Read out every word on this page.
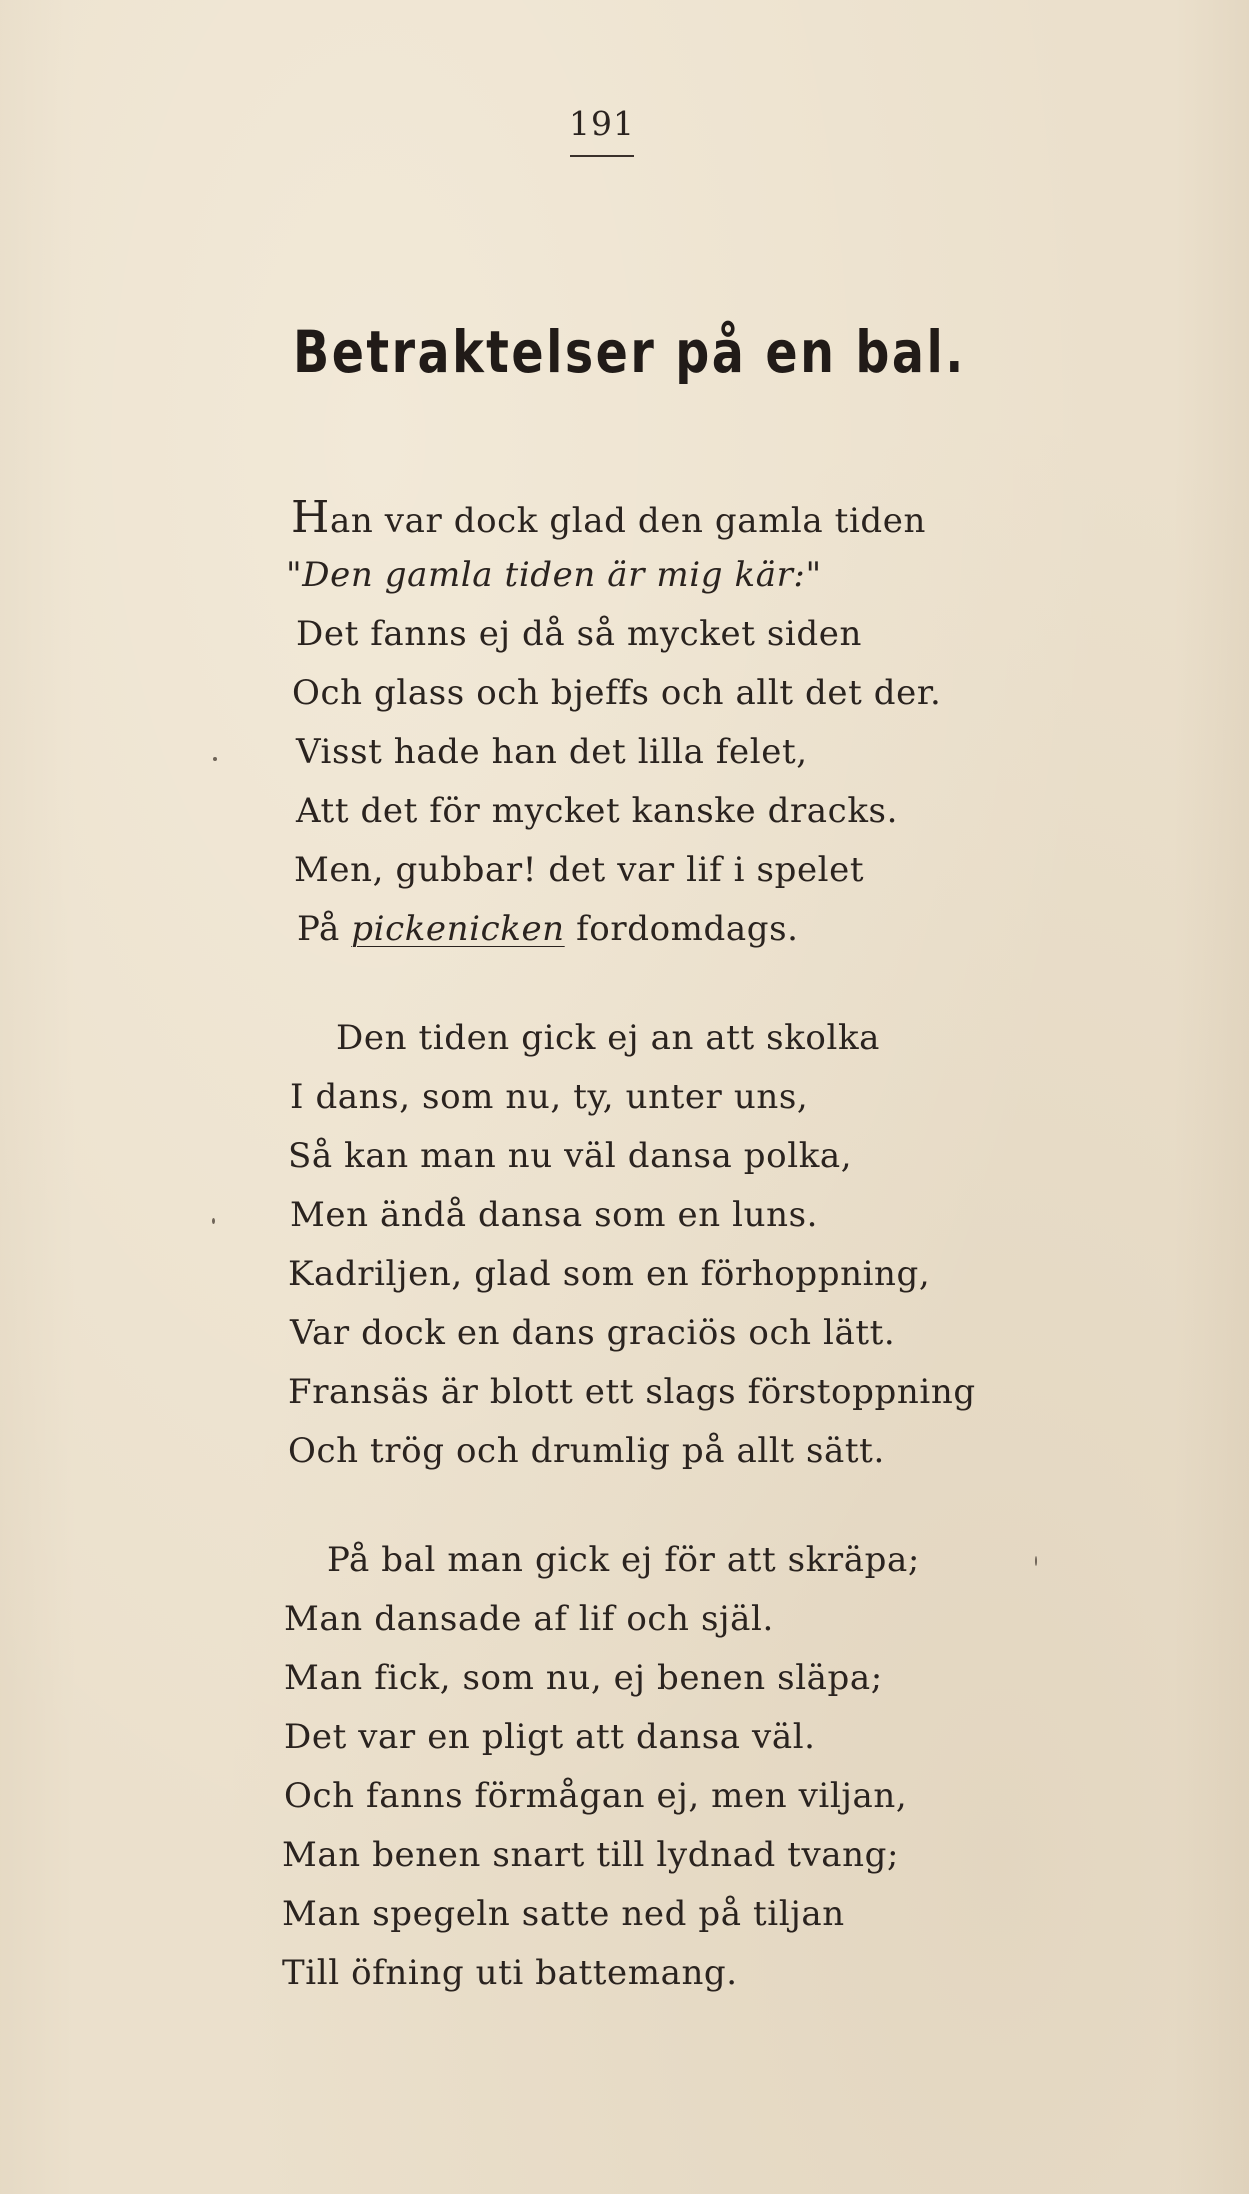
191
Betraktelser på en bal.
Han var dock glad den gamla tiden
"Den gamla tiden är mig kär:"
Det fanns ej då så mycket siden
Och glass och bjeffs och allt det der.
Visst hade han det lilla felet,
Att det för mycket kanske dracks.
Men, gubbar! det var lif i spelet
På pickenicken fordomdags.
Den tiden gick ej an att skolka
I dans, som nu, ty, unter uns,
Så kan man nu väl dansa polka,
Men ändå dansa som en luns.
Kadriljen, glad som en förhoppning,
Var dock en dans graciös och lätt.
Fransäs är blott ett slags förstoppning
Och trög och drumlig på allt sätt.
På bal man gick ej för att skräpa;
Man dansade af lif och själ.
Man fick, som nu, ej benen släpa;
Det var en pligt att dansa väl.
Och fanns förmågan ej, men viljan,
Man benen snart till lydnad tvang;
Man spegeln satte ned på tiljan
Till öfning uti battemang.
